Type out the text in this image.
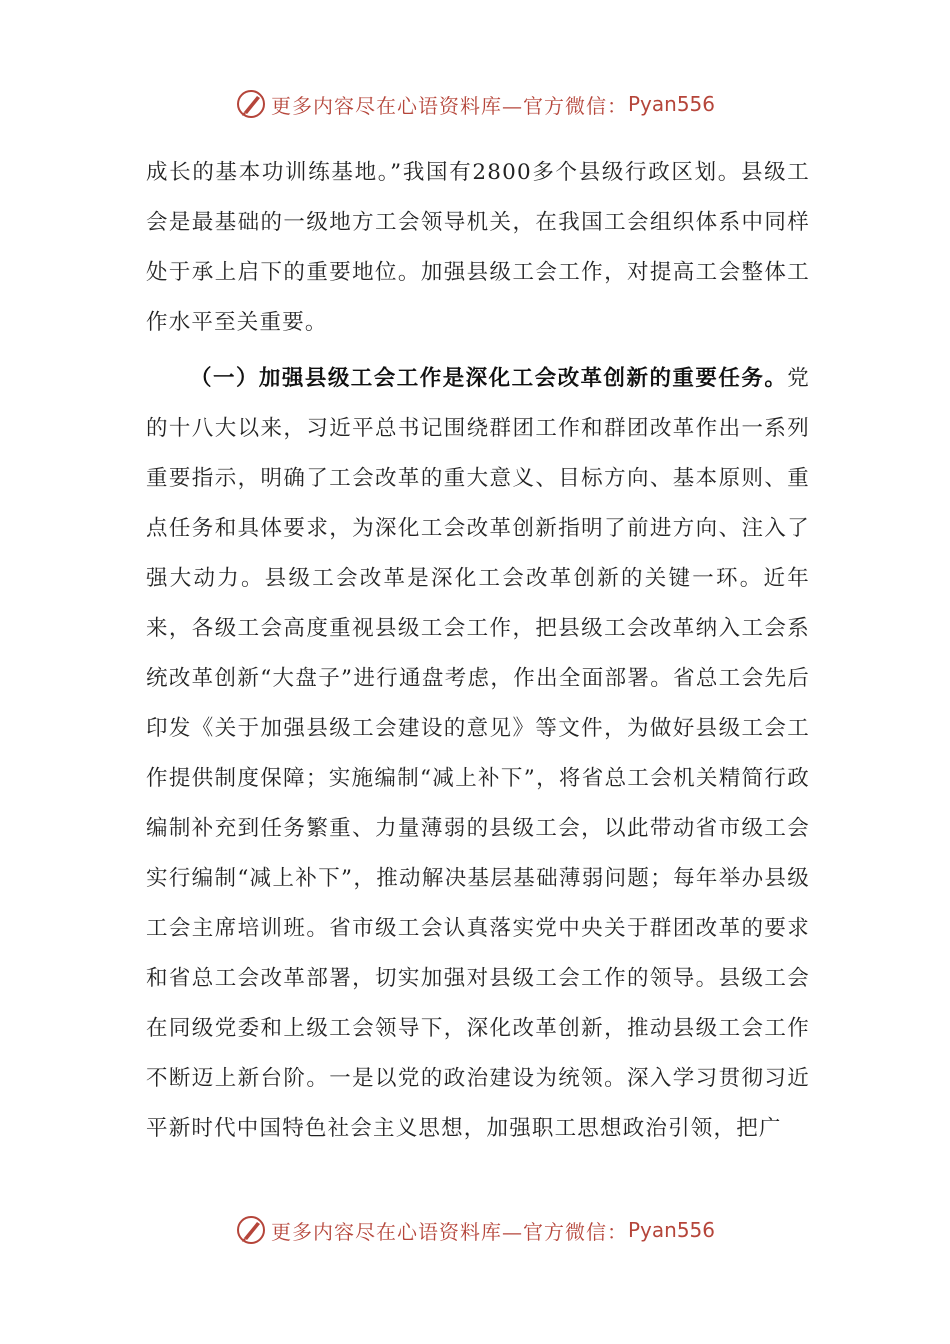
更多内容尽在心语资料库—官方微信： Pyan556

成长的基本功训练基地。”我国有2800多个县级行政区划。县级工会是最基础的一级地方工会领导机关，在我国工会组织体系中同样处于承上启下的重要地位。加强县级工会工作，对提高工会整体工作水平至关重要。

（一）加强县级工会工作是深化工会改革创新的重要任务。党的十八大以来，习近平总书记围绕群团工作和群团改革作出一系列重要指示，明确了工会改革的重大意义、目标方向、基本原则、重点任务和具体要求，为深化工会改革创新指明了前进方向、注入了强大动力。县级工会改革是深化工会改革创新的关键一环。近年来，各级工会高度重视县级工会工作，把县级工会改革纳入工会系统改革创新“大盘子”进行通盘考虑，作出全面部署。省总工会先后印发《关于加强县级工会建设的意见》等文件，为做好县级工会工作提供制度保障；实施编制“减上补下”，将省总工会机关精简行政编制补充到任务繁重、力量薄弱的县级工会，以此带动省市级工会实行编制“减上补下”，推动解决基层基础薄弱问题；每年举办县级工会主席培训班。省市级工会认真落实党中央关于群团改革的要求和省总工会改革部署，切实加强对县级工会工作的领导。县级工会在同级党委和上级工会领导下，深化改革创新，推动县级工会工作不断迈上新台阶。一是以党的政治建设为统领。深入学习贯彻习近平新时代中国特色社会主义思想，加强职工思想政治引领，把广

更多内容尽在心语资料库—官方微信： Pyan556
